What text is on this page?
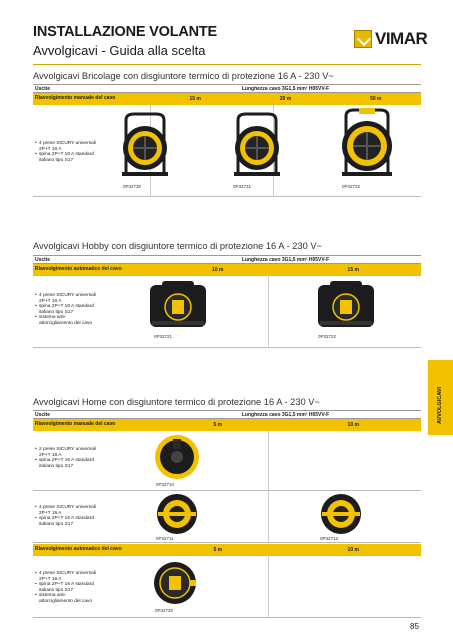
INSTALLAZIONE VOLANTE
Avvolgicavi - Guida alla scelta
VIMAR
Avvolgicavi Bricolage con disgiuntore termico di protezione 16 A - 230 V~
Uscite	Lunghezza cavo 3G1,5 mm² H05VV-F
Riavvolgimento manuale del cavo	15 m	30 m	50 m
• 4 prese SICURY universali 2P+T 16 A
• spina 2P+T 16 A standard italiano tipo S17
0P32730	0P32731	0P32732
Avvolgicavi Hobby con disgiuntore termico di protezione 16 A - 230 V~
Uscite	Lunghezza cavo 3G1,5 mm² H05VV-F
Riavvolgimento automatico del cavo	10 m	15 m
• 4 prese SICURY universali 2P+T 16 A
• spina 2P+T 16 A standard italiano tipo S17
• sistema anti-attorcigliamento del cavo
0P32721	0P32722
Avvolgicavi Home con disgiuntore termico di protezione 16 A - 230 V~
Uscite	Lunghezza cavo 3G1,5 mm² H05VV-F
Riavvolgimento manuale del cavo	5 m	10 m
• 2 prese SICURY universali 2P+T 16 A
• spina 2P+T 16 A standard italiano tipo S17
0P32710
• 4 prese SICURY universali 2P+T 16 A
• spina 2P+T 16 A standard italiano tipo S17
0P32711	0P32712
Riavvolgimento automatico del cavo	5 m	10 m
• 4 prese SICURY universali 2P+T 16 A
• spina 2P+T 16 A standard italiano tipo S17
• sistema anti-attorcigliamento del cavo
0P32720
AVVOLGICAVI
85
